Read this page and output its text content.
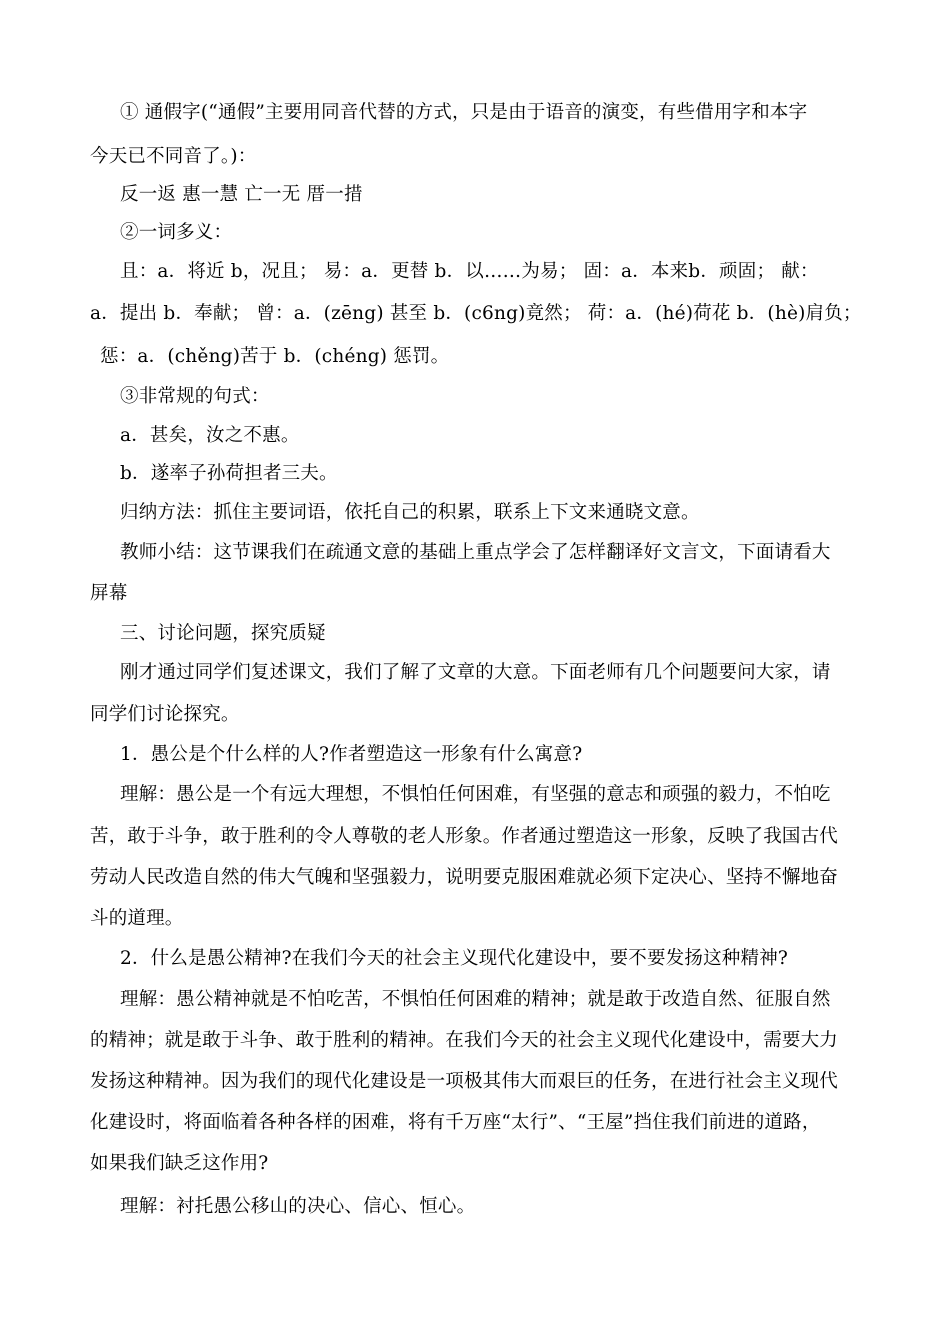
① 通假字(“通假”主要用同音代替的方式，只是由于语音的演变，有些借用字和本字
今天已不同音了。)：
反一返 惠一慧 亡一无 厝一措
②一词多义：
且：a．将近 b，况且； 易：a．更替 b．以……为易； 固：a．本来b．顽固； 献：
a．提出 b．奉献； 曾：a．(zēng) 甚至 b．(c6ng)竟然； 荷：a．(hé)荷花 b．(hè)肩负；
惩：a．(chěng)苦于 b．(chéng) 惩罚。
③非常规的句式：
a．甚矣，汝之不惠。
b．遂率子孙荷担者三夫。
归纳方法：抓住主要词语，依托自己的积累，联系上下文来通晓文意。
教师小结：这节课我们在疏通文意的基础上重点学会了怎样翻译好文言文，下面请看大
屏幕
三、讨论问题，探究质疑
刚才通过同学们复述课文，我们了解了文章的大意。下面老师有几个问题要问大家，请
同学们讨论探究。
1．愚公是个什么样的人?作者塑造这一形象有什么寓意?
理解：愚公是一个有远大理想，不惧怕任何困难，有坚强的意志和顽强的毅力，不怕吃
苦，敢于斗争，敢于胜利的令人尊敬的老人形象。作者通过塑造这一形象，反映了我国古代
劳动人民改造自然的伟大气魄和坚强毅力，说明要克服困难就必须下定决心、坚持不懈地奋
斗的道理。
2．什么是愚公精神?在我们今天的社会主义现代化建设中，要不要发扬这种精神?
理解：愚公精神就是不怕吃苦，不惧怕任何困难的精神；就是敢于改造自然、征服自然
的精神；就是敢于斗争、敢于胜利的精神。在我们今天的社会主义现代化建设中，需要大力
发扬这种精神。因为我们的现代化建设是一项极其伟大而艰巨的任务，在进行社会主义现代
化建设时，将面临着各种各样的困难，将有千万座“太行”、“王屋”挡住我们前进的道路，
如果我们缺乏这作用?
理解：衬托愚公移山的决心、信心、恒心。
